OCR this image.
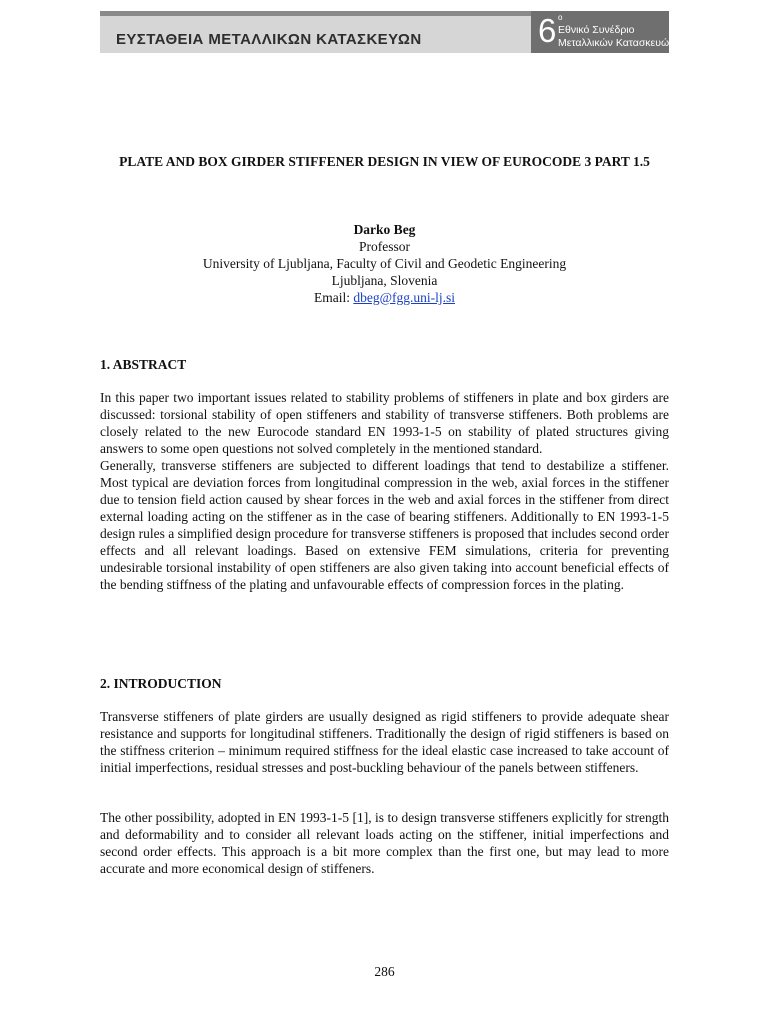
ΕΥΣΤΑΘΕΙΑ ΜΕΤΑΛΛΙΚΩΝ ΚΑΤΑΣΚΕΥΩΝ	6 ο
Εθνικό Συνέδριο
Μεταλλικών Κατασκευών
PLATE AND BOX GIRDER STIFFENER DESIGN IN VIEW OF EUROCODE 3 PART 1.5
Darko Beg
Professor
University of Ljubljana, Faculty of Civil and Geodetic Engineering
Ljubljana, Slovenia
Email: dbeg@fgg.uni-lj.si
1. ABSTRACT

In this paper two important issues related to stability problems of stiffeners in plate and box girders are discussed: torsional stability of open stiffeners and stability of transverse stiffeners. Both problems are closely related to the new Eurocode standard EN 1993-1-5 on stability of plated structures giving answers to some open questions not solved completely in the mentioned standard.

Generally, transverse stiffeners are subjected to different loadings that tend to destabilize a stiffener. Most typical are deviation forces from longitudinal compression in the web, axial forces in the stiffener due to tension field action caused by shear forces in the web and axial forces in the stiffener from direct external loading acting on the stiffener as in the case of bearing stiffeners. Additionally to EN 1993-1-5 design rules a simplified design procedure for transverse stiffeners is proposed that includes second order effects and all relevant loadings. Based on extensive FEM simulations, criteria for preventing undesirable torsional instability of open stiffeners are also given taking into account beneficial effects of the bending stiffness of the plating and unfavourable effects of compression forces in the plating.

2. INTRODUCTION
Transverse stiffeners of plate girders are usually designed as rigid stiffeners to provide adequate shear resistance and supports for longitudinal stiffeners. Traditionally the design of rigid stiffeners is based on the stiffness criterion – minimum required stiffness for the ideal elastic case increased to take account of initial imperfections, residual stresses and post-buckling behaviour of the panels between stiffeners.
The other possibility, adopted in EN 1993-1-5 [1], is to design transverse stiffeners explicitly for strength and deformability and to consider all relevant loads acting on the stiffener, initial imperfections and second order effects. This approach is a bit more complex than the first one, but may lead to more accurate and more economical design of stiffeners.
286
